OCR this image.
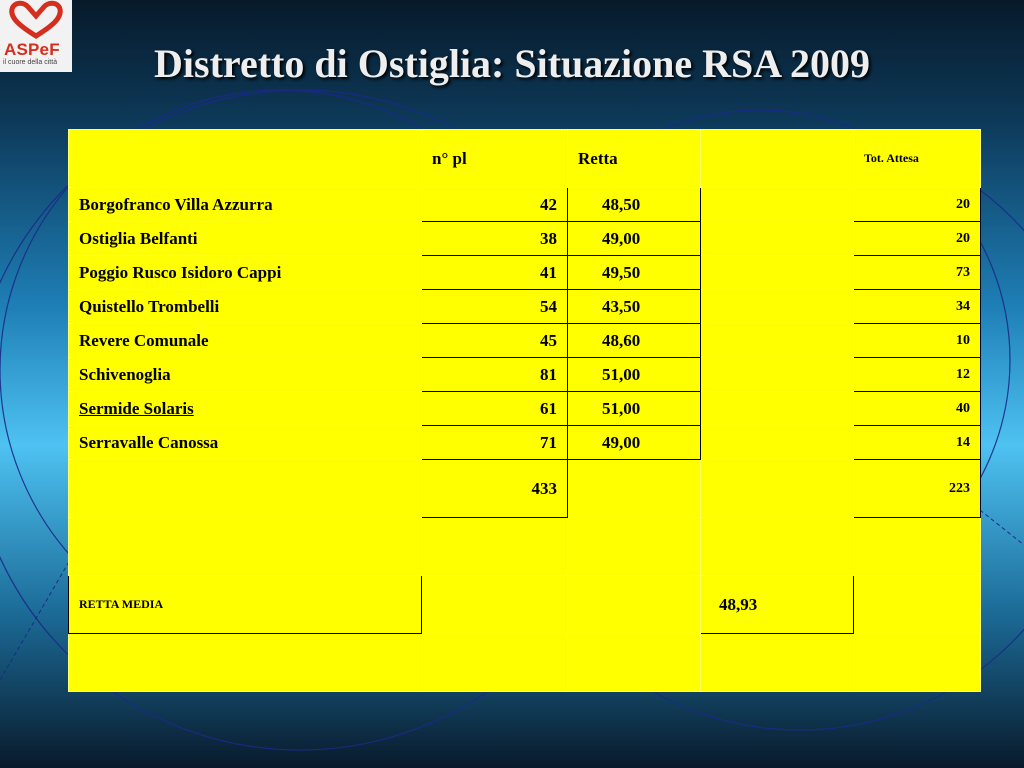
ASPeF
il cuore della città	Distretto di Ostiglia: Situazione RSA 2009
	n° pl	Retta		Tot. Attesa
Borgofranco Villa Azzurra	42	48,50		20
Ostiglia Belfanti	38	49,00		20
Poggio Rusco Isidoro Cappi	41	49,50		73
Quistello Trombelli	54	43,50		34
Revere Comunale	45	48,60		10
Schivenoglia	81	51,00		12
Sermide Solaris	61	51,00		40
Serravalle Canossa	71	49,00		14
	433			223

RETTA MEDIA			48,93	
